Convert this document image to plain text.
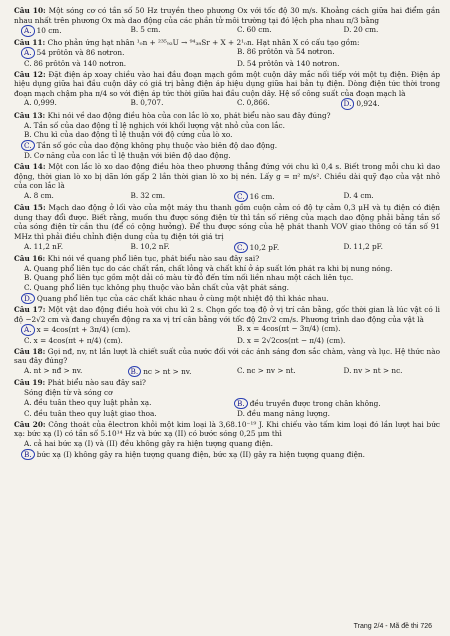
Câu 10: Một sóng cơ có tần số 50 Hz truyền theo phương Ox với tốc độ 30 m/s. Khoảng cách giữa hai điểm gần nhau nhất trên phương Ox mà dao động của các phần tử môi trường tại đó lệch pha nhau π/3 bằng

A. 10 cm.	B. 5 cm.	C. 60 cm.	D. 20 cm.

Câu 11: Cho phản ứng hạt nhân ¹₀n + ²³⁵₉₂U → ⁹⁴₃₈Sr + X + 2¹₀n. Hạt nhân X có cấu tạo gồm:

A. 54 prôtôn và 86 nơtron.	B. 86 prôtôn và 54 nơtron.
C. 86 prôtôn và 140 nơtron.	D. 54 prôtôn và 140 nơtron.

Câu 12: Đặt điện áp xoay chiều vào hai đầu đoạn mạch gồm một cuộn dây mắc nối tiếp với một tụ điện. Điện áp hiệu dụng giữa hai đầu cuộn dây có giá trị bằng điện áp hiệu dụng giữa hai bản tụ điện. Dòng điện tức thời trong đoạn mạch chậm pha π/4 so với điện áp tức thời giữa hai đầu cuộn dây. Hệ số công suất của đoạn mạch là

A. 0,999.	B. 0,707.	C. 0,866.	D. 0,924.

Câu 13: Khi nói về dao động điều hòa của con lắc lò xo, phát biểu nào sau đây đúng?

A. Tần số của dao động tỉ lệ nghịch với khối lượng vật nhỏ của con lắc.
B. Chu kì của dao động tỉ lệ thuận với độ cứng của lò xo.
C. Tần số góc của dao động không phụ thuộc vào biên độ dao động.
D. Cơ năng của con lắc tỉ lệ thuận với biên độ dao động.

Câu 14: Một con lắc lò xo dao động điều hòa theo phương thẳng đứng với chu kì 0,4 s. Biết trong mỗi chu kì dao động, thời gian lò xo bị dãn lớn gấp 2 lần thời gian lò xo bị nén. Lấy g = π² m/s². Chiều dài quỹ đạo của vật nhỏ của con lắc là

A. 8 cm.	B. 32 cm.	C. 16 cm.	D. 4 cm.

Câu 15: Mạch dao động ở lối vào của một máy thu thanh gồm cuộn cảm có độ tự cảm 0,3 μH và tụ điện có điện dung thay đổi được. Biết rằng, muốn thu được sóng điện từ thì tần số riêng của mạch dao động phải bằng tần số của sóng điện từ cần thu (để có cộng hưởng). Để thu được sóng của hệ phát thanh VOV giao thông có tần số 91 MHz thì phải điều chỉnh điện dung của tụ điện tới giá trị

A. 11,2 nF.	B. 10,2 nF.	C. 10,2 pF.	D. 11,2 pF.

Câu 16: Khi nói về quang phổ liên tục, phát biểu nào sau đây sai?

A. Quang phổ liên tục do các chất rắn, chất lỏng và chất khí ở áp suất lớn phát ra khi bị nung nóng.
B. Quang phổ liên tục gồm một dải có màu từ đỏ đến tím nối liền nhau một cách liên tục.
C. Quang phổ liên tục không phụ thuộc vào bản chất của vật phát sáng.
D. Quang phổ liên tục của các chất khác nhau ở cùng một nhiệt độ thì khác nhau.

Câu 17: Một vật dao động điều hoà với chu kì 2 s. Chọn gốc toạ độ ở vị trí cân bằng, gốc thời gian là lúc vật có li độ −2√2 cm và đang chuyển động ra xa vị trí cân bằng với tốc độ 2π√2 cm/s. Phương trình dao động của vật là

A. x = 4cos(πt + 3π/4) (cm).	B. x = 4cos(πt − 3π/4) (cm).
C. x = 4cos(πt + π/4) (cm).	D. x = 2√2cos(πt − π/4) (cm).

Câu 18: Gọi nđ, nv, nt lần lượt là chiết suất của nước đối với các ánh sáng đơn sắc chàm, vàng và lục. Hệ thức nào sau đây đúng?

A. nt > nđ > nv.	B. nc > nt > nv.	C. nc > nv > nt.	D. nv > nt > nc.

Câu 19: Phát biểu nào sau đây sai?

Sóng điện từ và sóng cơ

A. đều tuân theo quy luật phản xạ.	B. đều truyền được trong chân không.
C. đều tuân theo quy luật giao thoa.	D. đều mang năng lượng.

Câu 20: Công thoát của êlectron khỏi một kim loại là 3,68.10⁻¹⁹ J. Khi chiếu vào tấm kim loại đó lần lượt hai bức xạ: bức xạ (I) có tần số 5.10¹⁴ Hz và bức xạ (II) có bước sóng 0,25 μm thì

A. cả hai bức xạ (I) và (II) đều không gây ra hiện tượng quang điện.
B. bức xạ (I) không gây ra hiện tượng quang điện, bức xạ (II) gây ra hiện tượng quang điện.
Trang 2/4 - Mã đề thi 726
